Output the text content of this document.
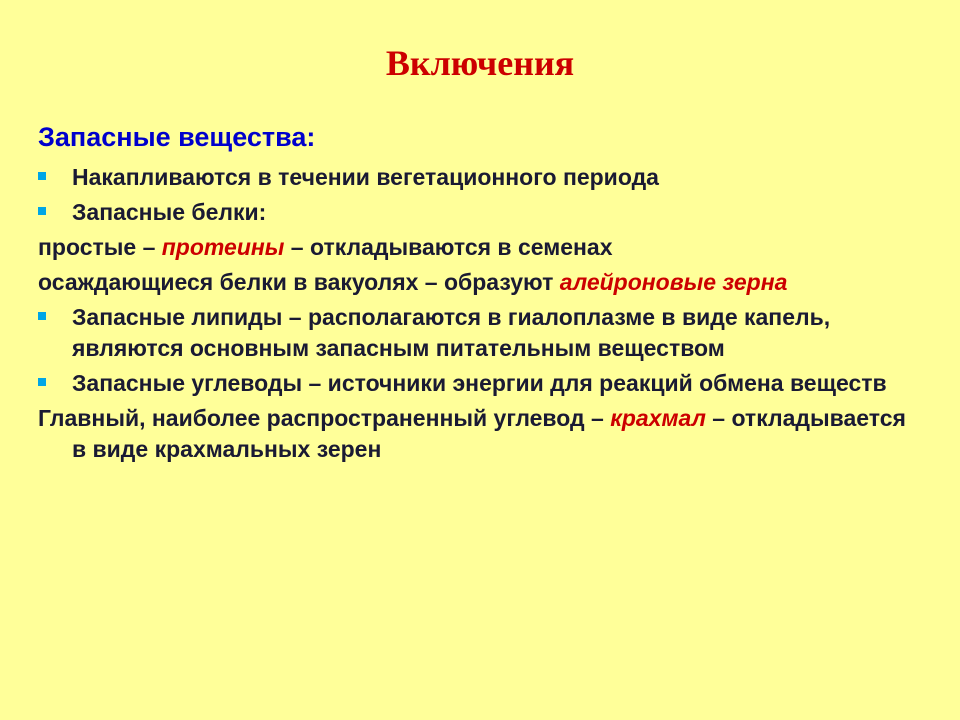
Включения
Запасные вещества:
Накапливаются в течении вегетационного периода
Запасные белки:
простые – протеины – откладываются в семенах
осаждающиеся белки в вакуолях – образуют алейроновые зерна
Запасные липиды – располагаются в гиалоплазме в виде капель, являются основным запасным питательным веществом
Запасные углеводы – источники энергии для реакций обмена веществ
Главный, наиболее распространенный углевод – крахмал – откладывается в виде крахмальных зерен
